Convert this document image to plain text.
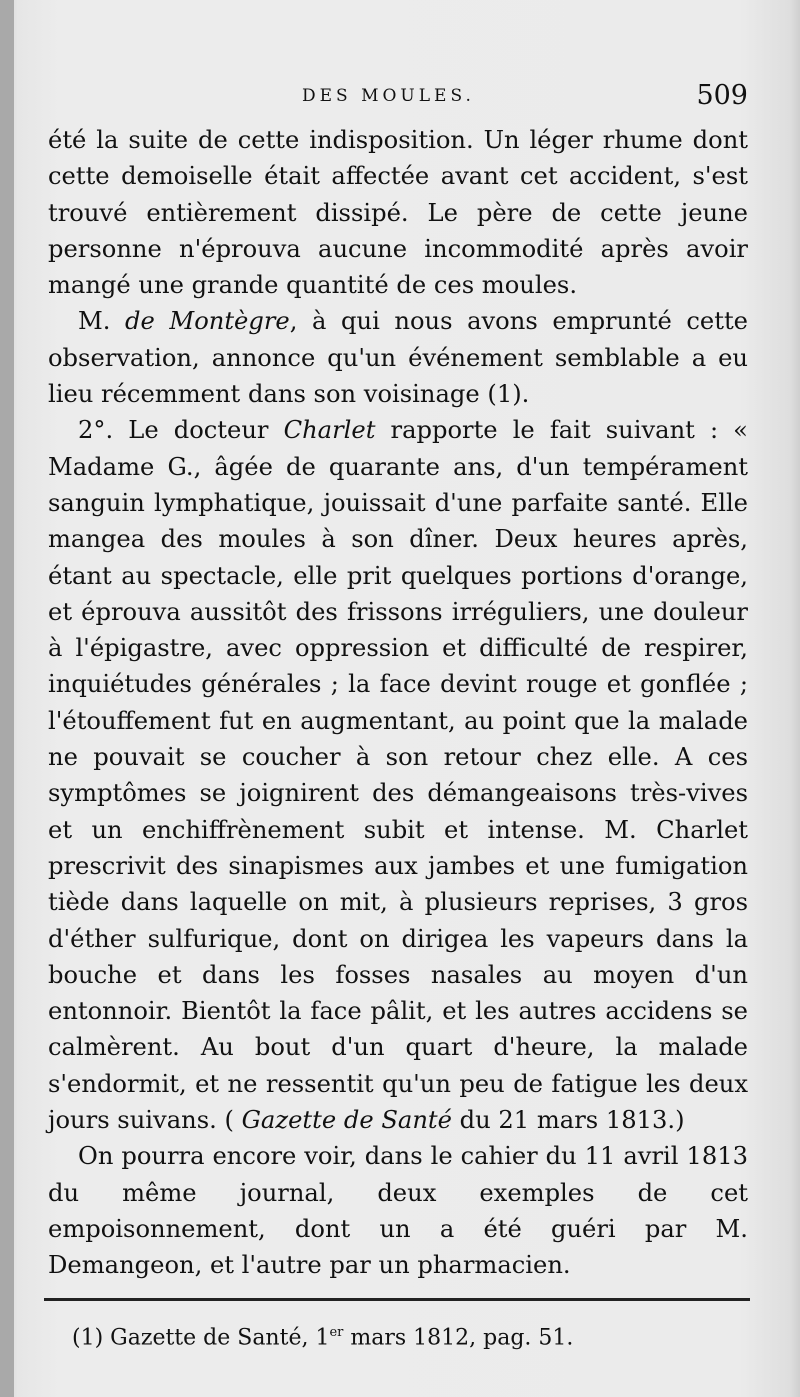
DES MOULES.	509

été la suite de cette indisposition. Un léger rhume dont cette demoiselle était affectée avant cet accident, s'est trouvé entièrement dissipé. Le père de cette jeune personne n'éprouva aucune incommodité après avoir mangé une grande quantité de ces moules.

M. de Montègre, à qui nous avons emprunté cette observation, annonce qu'un événement semblable a eu lieu récemment dans son voisinage (1).

2°. Le docteur Charlet rapporte le fait suivant : « Madame G., âgée de quarante ans, d'un tempérament sanguin lymphatique, jouissait d'une parfaite santé. Elle mangea des moules à son dîner. Deux heures après, étant au spectacle, elle prit quelques portions d'orange, et éprouva aussitôt des frissons irréguliers, une douleur à l'épigastre, avec oppression et difficulté de respirer, inquiétudes générales ; la face devint rouge et gonflée ; l'étouffement fut en augmentant, au point que la malade ne pouvait se coucher à son retour chez elle. A ces symptômes se joignirent des démangeaisons très-vives et un enchiffrènement subit et intense. M. Charlet prescrivit des sinapismes aux jambes et une fumigation tiède dans laquelle on mit, à plusieurs reprises, 3 gros d'éther sulfurique, dont on dirigea les vapeurs dans la bouche et dans les fosses nasales au moyen d'un entonnoir. Bientôt la face pâlit, et les autres accidens se calmèrent. Au bout d'un quart d'heure, la malade s'endormit, et ne ressentit qu'un peu de fatigue les deux jours suivans. ( Gazette de Santé du 21 mars 1813.)

On pourra encore voir, dans le cahier du 11 avril 1813 du même journal, deux exemples de cet empoisonnement, dont un a été guéri par M. Demangeon, et l'autre par un pharmacien.

(1) Gazette de Santé, 1er mars 1812, pag. 51.
